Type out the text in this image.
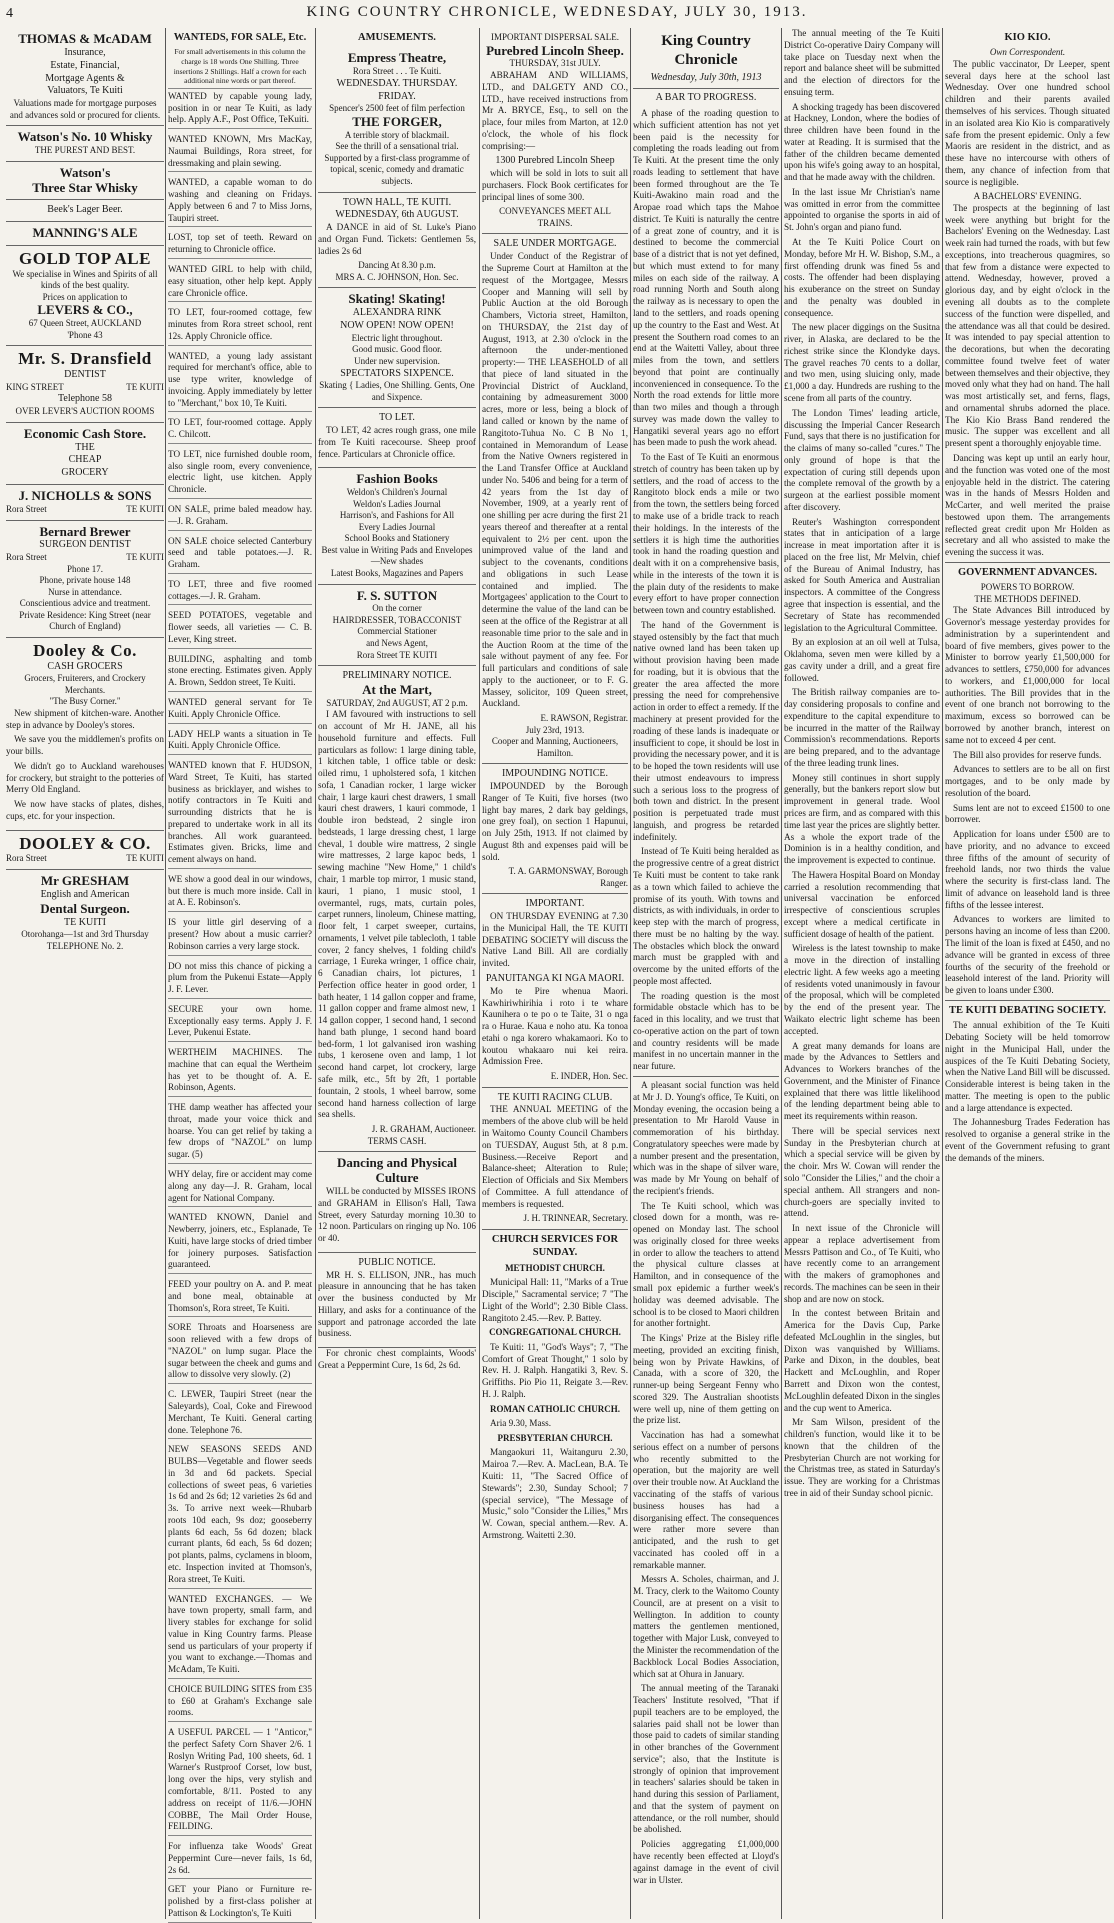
4	KING COUNTRY CHRONICLE, WEDNESDAY, JULY 30, 1913.
THOMAS & McADAM
Insurance,
Estate, Financial,
Mortgage Agents &
Valuators, Te Kuiti
Valuations made for mortgage purposes and advances sold or procured for clients.
Watson's No. 10 Whisky
THE PUREST AND BEST.
Watson's
Three Star Whisky
Beek's Lager Beer.
MANNING'S ALE
GOLD TOP ALE
We specialise in Wines and Spirits of all kinds of the best quality.
Prices on application to
LEVERS & CO.,
67 Queen Street, AUCKLAND
'Phone 43
Mr. S. Dransfield
DENTIST
KING STREET	TE KUITI
Telephone 58
OVER LEVER'S AUCTION ROOMS
Economic Cash Store.
THE
CHEAP
GROCERY
J. NICHOLLS & SONS
Rora Street	TE KUITI
Bernard Brewer
SURGEON DENTIST
Rora Street	TE KUITI
Phone 17.
Phone, private house 148
Nurse in attendance.
Conscientious advice and treatment.
Private Residence: King Street (near Church of England)
Dooley & Co.
CASH GROCERS
Grocers, Fruiterers, and Crockery Merchants.
"The Busy Corner."

New shipment of kitchen-ware. Another step in advance by Dooley's stores.

We save you the middlemen's profits on your bills.

We didn't go to Auckland warehouses for crockery, but straight to the potteries of Merry Old England.

We now have stacks of plates, dishes, cups, etc. for your inspection.

DOOLEY & CO.
Rora Street	TE KUITI
Mr GRESHAM
English and American
Dental Surgeon.
TE KUITI
Otorohanga—1st and 3rd Thursday
TELEPHONE No. 2.
WANTEDS, FOR SALE, Etc.
For small advertisements in this column the charge is 18 words One Shilling. Three insertions 2 Shillings. Half a crown for each additional nine words or part thereof.

WANTED by capable young lady, position in or near Te Kuiti, as lady help. Apply A.F., Post Office, TeKuiti.

WANTED KNOWN, Mrs MacKay, Naumai Buildings, Rora street, for dressmaking and plain sewing.

WANTED, a capable woman to do washing and cleaning on Fridays. Apply between 6 and 7 to Miss Jorns, Taupiri street.

LOST, top set of teeth. Reward on returning to Chronicle office.

WANTED GIRL to help with child, easy situation, other help kept. Apply care Chronicle office.

TO LET, four-roomed cottage, few minutes from Rora street school, rent 12s. Apply Chronicle office.

WANTED, a young lady assistant required for merchant's office, able to use type writer, knowledge of invoicing. Apply immediately by letter to "Merchant," box 10, Te Kuiti.

TO LET, four-roomed cottage. Apply C. Chilcott.

TO LET, nice furnished double room, also single room, every convenience, electric light, use kitchen. Apply Chronicle.

ON SALE, prime baled meadow hay. —J. R. Graham.

ON SALE choice selected Canterbury seed and table potatoes.—J. R. Graham.

TO LET, three and five roomed cottages.—J. R. Graham.

SEED POTATOES, vegetable and flower seeds, all varieties — C. B. Lever, King street.

BUILDING, asphalting and tomb stone erecting. Estimates given. Apply A. Brown, Seddon street, Te Kuiti.

WANTED general servant for Te Kuiti. Apply Chronicle Office.

LADY HELP wants a situation in Te Kuiti. Apply Chronicle Office.

WANTED known that F. HUDSON, Ward Street, Te Kuiti, has started business as bricklayer, and wishes to notify contractors in Te Kuiti and surrounding districts that he is prepared to undertake work in all its branches. All work guaranteed. Estimates given. Bricks, lime and cement always on hand.

WE show a good deal in our windows, but there is much more inside. Call in at A. E. Robinson's.

IS your little girl deserving of a present? How about a music carrier? Robinson carries a very large stock.

DO not miss this chance of picking a plum from the Pukenui Estate—Apply J. F. Lever.

SECURE your own home. Exceptionally easy terms. Apply J. F. Lever, Pukenui Estate.

WERTHEIM MACHINES. The machine that can equal the Wertheim has yet to be thought of. A. E. Robinson, Agents.

THE damp weather has affected your throat, made your voice thick and hoarse. You can get relief by taking a few drops of "NAZOL" on lump sugar. (5)

WHY delay, fire or accident may come along any day—J. R. Graham, local agent for National Company.

WANTED KNOWN, Daniel and Newberry, joiners, etc., Esplanade, Te Kuiti, have large stocks of dried timber for joinery purposes. Satisfaction guaranteed.

FEED your poultry on A. and P. meat and bone meal, obtainable at Thomson's, Rora street, Te Kuiti.

SORE Throats and Hoarseness are soon relieved with a few drops of "NAZOL" on lump sugar. Place the sugar between the cheek and gums and allow to dissolve very slowly. (2)

C. LEWER, Taupiri Street (near the Saleyards), Coal, Coke and Firewood Merchant, Te Kuiti. General carting done. Telephone 76.

NEW SEASONS SEEDS AND BULBS—Vegetable and flower seeds in 3d and 6d packets. Special collections of sweet peas, 6 varieties 1s 6d and 2s 6d; 12 varieties 2s 6d and 3s. To arrive next week—Rhubarb roots 10d each, 9s doz; gooseberry plants 6d each, 5s 6d dozen; black currant plants, 6d each, 5s 6d dozen; pot plants, palms, cyclamens in bloom, etc. Inspection invited at Thomson's, Rora street, Te Kuiti.

WANTED EXCHANGES. — We have town property, small farm, and livery stables for exchange for solid value in King Country farms. Please send us particulars of your property if you want to exchange.—Thomas and McAdam, Te Kuiti.

CHOICE BUILDING SITES from £35 to £60 at Graham's Exchange sale rooms.

A USEFUL PARCEL — 1 "Anticor," the perfect Safety Corn Shaver 2/6. 1 Roslyn Writing Pad, 100 sheets, 6d. 1 Warner's Rustproof Corset, low bust, long over the hips, very stylish and comfortable, 8/11. Posted to any address on receipt of 11/6.—JOHN COBBE, The Mail Order House, FEILDING.

For influenza take Woods' Great Peppermint Cure—never fails, 1s 6d, 2s 6d.

GET your Piano or Furniture re-polished by a first-class polisher at Pattison & Lockington's, Te Kuiti

AMUSEMENTS.
Empress Theatre,
Rora Street . . . Te Kuiti.
WEDNESDAY. THURSDAY. FRIDAY.
Spencer's 2500 feet of film perfection
THE FORGER,
A terrible story of blackmail.
See the thrill of a sensational trial.
Supported by a first-class programme of topical, scenic, comedy and dramatic subjects.
TOWN HALL, TE KUITI.
WEDNESDAY, 6th AUGUST.

A DANCE in aid of St. Luke's Piano and Organ Fund. Tickets: Gentlemen 5s, ladies 2s 6d

Dancing At 8.30 p.m.
MRS A. C. JOHNSON, Hon. Sec.
Skating! Skating!
ALEXANDRA RINK
NOW OPEN! NOW OPEN!
Electric light throughout.
Good music. Good floor.
Under new supervision.
SPECTATORS SIXPENCE.
Skating { Ladies, One Shilling. Gents, One and Sixpence.
TO LET.

TO LET, 42 acres rough grass, one mile from Te Kuiti racecourse. Sheep proof fence. Particulars at Chronicle office.

Fashion Books
Weldon's Children's Journal
Weldon's Ladies Journal
Harrison's, and Fashions for All
Every Ladies Journal
School Books and Stationery
Best value in Writing Pads and Envelopes—New shades
Latest Books, Magazines and Papers
F. S. SUTTON
On the corner
HAIRDRESSER, TOBACCONIST
Commercial Stationer
and News Agent,
Rora Street TE KUITI
PRELIMINARY NOTICE.
At the Mart,
SATURDAY, 2nd AUGUST, AT 2 p.m.

I AM favoured with instructions to sell on account of Mr H. JANE, all his household furniture and effects. Full particulars as follow: 1 large dining table, 1 kitchen table, 1 office table or desk: oiled rimu, 1 upholstered sofa, 1 kitchen sofa, 1 Canadian rocker, 1 large wicker chair, 1 large kauri chest drawers, 1 small kauri chest drawers, 1 kauri commode, 1 double iron bedstead, 2 single iron bedsteads, 1 large dressing chest, 1 large cheval, 1 double wire mattress, 2 single wire mattresses, 2 large kapoc beds, 1 sewing machine "New Home," 1 child's chair, 1 marble top mirror, 1 music stand, kauri, 1 piano, 1 music stool, 1 overmantel, rugs, mats, curtain poles, carpet runners, linoleum, Chinese matting, floor felt, 1 carpet sweeper, curtains, ornaments, 1 velvet pile tablecloth, 1 table cover, 2 fancy shelves, 1 folding child's carriage, 1 Eureka wringer, 1 office chair, 6 Canadian chairs, lot pictures, 1 Perfection office heater in good order, 1 bath heater, 1 14 gallon copper and frame, 11 gallon copper and frame almost new, 1 14 gallon copper, 1 second hand, 1 second hand bath plunge, 1 second hand board bed-form, 1 lot galvanised iron washing tubs, 1 kerosene oven and lamp, 1 lot second hand carpet, lot crockery, large safe milk, etc., 5ft by 2ft, 1 portable fountain, 2 stools, 1 wheel barrow, some second hand harness collection of large sea shells.

J. R. GRAHAM, Auctioneer.
TERMS CASH.
Dancing and Physical Culture

WILL be conducted by MISSES IRONS and GRAHAM in Ellison's Hall, Tawa Street, every Saturday morning 10.30 to 12 noon. Particulars on ringing up No. 106 or 40.

PUBLIC NOTICE.

MR H. S. ELLISON, JNR., has much pleasure in announcing that he has taken over the business conducted by Mr Hillary, and asks for a continuance of the support and patronage accorded the late business.

For chronic chest complaints, Woods' Great a Peppermint Cure, 1s 6d, 2s 6d.

IMPORTANT DISPERSAL SALE.
Purebred Lincoln Sheep.
THURSDAY, 31st JULY.

ABRAHAM AND WILLIAMS, LTD., and DALGETY AND CO., LTD., have received instructions from Mr A. BRYCE, Esq., to sell on the place, four miles from Marton, at 12.0 o'clock, the whole of his flock comprising:—

1300 Purebred Lincoln Sheep

which will be sold in lots to suit all purchasers. Flock Book certificates for principal lines of some 300.

CONVEYANCES MEET ALL TRAINS.
SALE UNDER MORTGAGE.

Under Conduct of the Registrar of the Supreme Court at Hamilton at the request of the Mortgagee, Messrs Cooper and Manning will sell by Public Auction at the old Borough Chambers, Victoria street, Hamilton, on THURSDAY, the 21st day of August, 1913, at 2.30 o'clock in the afternoon the under-mentioned property:— THE LEASEHOLD of all that piece of land situated in the Provincial District of Auckland, containing by admeasurement 3000 acres, more or less, being a block of land called or known by the name of Rangitoto-Tuhua No. C B No 1, contained in Memorandum of Lease from the Native Owners registered in the Land Transfer Office at Auckland under No. 5406 and being for a term of 42 years from the 1st day of November, 1909, at a yearly rent of one shilling per acre during the first 21 years thereof and thereafter at a rental equivalent to 2½ per cent. upon the unimproved value of the land and subject to the covenants, conditions and obligations in such Lease contained and implied. The Mortgagees' application to the Court to determine the value of the land can be seen at the office of the Registrar at all reasonable time prior to the sale and in the Auction Room at the time of the sale without payment of any fee. For full particulars and conditions of sale apply to the auctioneer, or to F. G. Massey, solicitor, 109 Queen street, Auckland.

E. RAWSON, Registrar.
July 23rd, 1913.
Cooper and Manning, Auctioneers, Hamilton.
IMPOUNDING NOTICE.

IMPOUNDED by the Borough Ranger of Te Kuiti, five horses (two light bay mares, 2 dark bay geldings, one grey foal), on section 1 Hapunui, on July 25th, 1913. If not claimed by August 8th and expenses paid will be sold.

T. A. GARMONSWAY, Borough Ranger.
IMPORTANT.

ON THURSDAY EVENING at 7.30 in the Municipal Hall, the TE KUITI DEBATING SOCIETY will discuss the Native Land Bill. All are cordially invited.

PANUITANGA KI NGA MAORI.

Mo te Pire whenua Maori. Kawhiriwhirihia i roto i te whare Kaunihera o te po o te Taite, 31 o nga ra o Hurae. Kaua e noho atu. Ka tonoa etahi o nga korero whakamaori. Ko to koutou whakaaro nui kei reira. Admission Free.

E. INDER, Hon. Sec.
TE KUITI RACING CLUB.

THE ANNUAL MEETING of the members of the above club will be held in Waitomo County Council Chambers on TUESDAY, August 5th, at 8 p.m. Business.—Receive Report and Balance-sheet; Alteration to Rule; Election of Officials and Six Members of Committee. A full attendance of members is requested.

J. H. TRINNEAR, Secretary.
CHURCH SERVICES FOR SUNDAY.
METHODIST CHURCH.

Municipal Hall: 11, "Marks of a True Disciple," Sacramental service; 7 "The Light of the World"; 2.30 Bible Class. Rangitoto 2.45.—Rev. P. Battey.

CONGREGATIONAL CHURCH.

Te Kuiti: 11, "God's Ways"; 7, "The Comfort of Great Thought," 1 solo by Rev. H. J. Ralph. Hangatiki 3, Rev. S. Griffiths. Pio Pio 11, Reigate 3.—Rev. H. J. Ralph.

ROMAN CATHOLIC CHURCH.

Aria 9.30, Mass.

PRESBYTERIAN CHURCH.

Mangaokuri 11, Waitanguru 2.30, Mairoa 7.—Rev. A. MacLean, B.A. Te Kuiti: 11, "The Sacred Office of Stewards"; 2.30, Sunday School; 7 (special service), "The Message of Music," solo "Consider the Lilies," Mrs W. Cowan, special anthem.—Rev. A. Armstrong. Waitetti 2.30.

King Country Chronicle
Wednesday, July 30th, 1913
A BAR TO PROGRESS.

A phase of the roading question to which sufficient attention has not yet been paid is the necessity for completing the roads leading out from Te Kuiti. At the present time the only roads leading to settlement that have been formed throughout are the Te Kuiti-Awakino main road and the Aropae road which taps the Mahoe district. Te Kuiti is naturally the centre of a great zone of country, and it is destined to become the commercial base of a district that is not yet defined, but which must extend to for many miles on each side of the railway. A road running North and South along the railway as is necessary to open the land to the settlers, and roads opening up the country to the East and West. At present the Southern road comes to an end at the Waitetti Valley, about three miles from the town, and settlers beyond that point are continually inconvenienced in consequence. To the North the road extends for little more than two miles and though a through survey was made down the valley to Hangatiki several years ago no effort has been made to push the work ahead.

To the East of Te Kuiti an enormous stretch of country has been taken up by settlers, and the road of access to the Rangitoto block ends a mile or two from the town, the settlers being forced to make use of a bridle track to reach their holdings. In the interests of the settlers it is high time the authorities took in hand the roading question and dealt with it on a comprehensive basis, while in the interests of the town it is the plain duty of the residents to make every effort to have proper connection between town and country established.

The hand of the Government is stayed ostensibly by the fact that much native owned land has been taken up without provision having been made for roading, but it is obvious that the greater the area affected the more pressing the need for comprehensive action in order to effect a remedy. If the machinery at present provided for the roading of these lands is inadequate or insufficient to cope, it should be lost in providing the necessary power, and it is to be hoped the town residents will use their utmost endeavours to impress such a serious loss to the progress of both town and district. In the present position is perpetuated trade must languish, and progress be retarded indefinitely.

Instead of Te Kuiti being heralded as the progressive centre of a great district Te Kuiti must be content to take rank as a town which failed to achieve the promise of its youth. With towns and districts, as with individuals, in order to keep step with the march of progress, there must be no halting by the way. The obstacles which block the onward march must be grappled with and overcome by the united efforts of the people most affected.

The roading question is the most formidable obstacle which has to be faced in this locality, and we trust that co-operative action on the part of town and country residents will be made manifest in no uncertain manner in the near future.

A pleasant social function was held at Mr J. D. Young's office, Te Kuiti, on Monday evening, the occasion being a presentation to Mr Harold Vause in commemoration of his birthday. Congratulatory speeches were made by a number present and the presentation, which was in the shape of silver ware, was made by Mr Young on behalf of the recipient's friends.

The Te Kuiti school, which was closed down for a month, was re-opened on Monday last. The school was originally closed for three weeks in order to allow the teachers to attend the physical culture classes at Hamilton, and in consequence of the small pox epidemic a further week's holiday was deemed advisable. The school is to be closed to Maori children for another fortnight.

The Kings' Prize at the Bisley rifle meeting, provided an exciting finish, being won by Private Hawkins, of Canada, with a score of 320, the runner-up being Sergeant Fenny who scored 329. The Australian shootists were well up, nine of them getting on the prize list.

Vaccination has had a somewhat serious effect on a number of persons who recently submitted to the operation, but the majority are well over their trouble now. At Auckland the vaccinating of the staffs of various business houses has had a disorganising effect. The consequences were rather more severe than anticipated, and the rush to get vaccinated has cooled off in a remarkable manner.

Messrs A. Scholes, chairman, and J. M. Tracy, clerk to the Waitomo County Council, are at present on a visit to Wellington. In addition to county matters the gentlemen mentioned, together with Major Lusk, conveyed to the Minister the recommendation of the Backblock Local Bodies Association, which sat at Ohura in January.

The annual meeting of the Taranaki Teachers' Institute resolved, "That if pupil teachers are to be employed, the salaries paid shall not be lower than those paid to cadets of similar standing in other branches of the Government service"; also, that the Institute is strongly of opinion that improvement in teachers' salaries should be taken in hand during this session of Parliament, and that the system of payment on attendance, or the roll number, should be abolished.

Policies aggregating £1,000,000 have recently been effected at Lloyd's against damage in the event of civil war in Ulster.

The annual meeting of the Te Kuiti District Co-operative Dairy Company will take place on Tuesday next when the report and balance sheet will be submitted and the election of directors for the ensuing term.

A shocking tragedy has been discovered at Hackney, London, where the bodies of three children have been found in the water at Reading. It is surmised that the father of the children became demented upon his wife's going away to an hospital, and that he made away with the children.

In the last issue Mr Christian's name was omitted in error from the committee appointed to organise the sports in aid of St. John's organ and piano fund.

At the Te Kuiti Police Court on Monday, before Mr H. W. Bishop, S.M., a first offending drunk was fined 5s and costs. The offender had been displaying his exuberance on the street on Sunday and the penalty was doubled in consequence.

The new placer diggings on the Susitna river, in Alaska, are declared to be the richest strike since the Klondyke days. The gravel reaches 70 cents to a dollar, and two men, using sluicing only, made £1,000 a day. Hundreds are rushing to the scene from all parts of the country.

The London Times' leading article, discussing the Imperial Cancer Research Fund, says that there is no justification for the claims of many so-called "cures." The only ground of hope is that the expectation of curing still depends upon the complete removal of the growth by a surgeon at the earliest possible moment after discovery.

Reuter's Washington correspondent states that in anticipation of a large increase in meat importation after it is placed on the free list, Mr Melvin, chief of the Bureau of Animal Industry, has asked for South America and Australian inspectors. A committee of the Congress agree that inspection is essential, and the Secretary of State has recommended legislation to the Agricultural Committee.

By an explosion at an oil well at Tulsa, Oklahoma, seven men were killed by a gas cavity under a drill, and a great fire followed.

The British railway companies are to-day considering proposals to confine and expenditure to the capital expenditure to be incurred in the matter of the Railway Commission's recommendations. Reports are being prepared, and to the advantage of the three leading trunk lines.

Money still continues in short supply generally, but the bankers report slow but improvement in general trade. Wool prices are firm, and as compared with this time last year the prices are slightly better. As a whole the export trade of the Dominion is in a healthy condition, and the improvement is expected to continue.

The Hawera Hospital Board on Monday carried a resolution recommending that universal vaccination be enforced irrespective of conscientious scruples except where a medical certificate in sufficient dosage of health of the patient.

Wireless is the latest township to make a move in the direction of installing electric light. A few weeks ago a meeting of residents voted unanimously in favour of the proposal, which will be completed by the end of the present year. The Waikato electric light scheme has been accepted.

A great many demands for loans are made by the Advances to Settlers and Advances to Workers branches of the Government, and the Minister of Finance explained that there was little likelihood of the lending department being able to meet its requirements within reason.

There will be special services next Sunday in the Presbyterian church at which a special service will be given by the choir. Mrs W. Cowan will render the solo "Consider the Lilies," and the choir a special anthem. All strangers and non-church-goers are specially invited to attend.

In next issue of the Chronicle will appear a replace advertisement from Messrs Pattison and Co., of Te Kuiti, who have recently come to an arrangement with the makers of gramophones and records. The machines can be seen in their shop and are now on stock.

In the contest between Britain and America for the Davis Cup, Parke defeated McLoughlin in the singles, but Dixon was vanquished by Williams. Parke and Dixon, in the doubles, beat Hackett and McLoughlin, and Roper Barrett and Dixon won the contest, McLoughlin defeated Dixon in the singles and the cup went to America.

Mr Sam Wilson, president of the children's function, would like it to be known that the children of the Presbyterian Church are not working for the Christmas tree, as stated in Saturday's issue. They are working for a Christmas tree in aid of their Sunday school picnic.

KIO KIO.
Own Correspondent.

The public vaccinator, Dr Leeper, spent several days here at the school last Wednesday. Over one hundred school children and their parents availed themselves of his services. Though situated in an isolated area Kio Kio is comparatively safe from the present epidemic. Only a few Maoris are resident in the district, and as these have no intercourse with others of them, any chance of infection from that source is negligible.

A BACHELORS' EVENING.

The prospects at the beginning of last week were anything but bright for the Bachelors' Evening on the Wednesday. Last week rain had turned the roads, with but few exceptions, into treacherous quagmires, so that few from a distance were expected to attend. Wednesday, however, proved a glorious day, and by eight o'clock in the evening all doubts as to the complete success of the function were dispelled, and the attendance was all that could be desired. It was intended to pay special attention to the decorations, but when the decorating committee found twelve feet of water between themselves and their objective, they moved only what they had on hand. The hall was most artistically set, and ferns, flags, and ornamental shrubs adorned the place. The Kio Kio Brass Band rendered the music. The supper was excellent and all present spent a thoroughly enjoyable time.

Dancing was kept up until an early hour, and the function was voted one of the most enjoyable held in the district. The catering was in the hands of Messrs Holden and McCarter, and well merited the praise bestowed upon them. The arrangements reflected great credit upon Mr Holden as secretary and all who assisted to make the evening the success it was.

GOVERNMENT ADVANCES.
POWERS TO BORROW.
THE METHODS DEFINED.

The State Advances Bill introduced by Governor's message yesterday provides for administration by a superintendent and board of five members, gives power to the Minister to borrow yearly £1,500,000 for advances to settlers, £750,000 for advances to workers, and £1,000,000 for local authorities. The Bill provides that in the event of one branch not borrowing to the maximum, excess so borrowed can be borrowed by another branch, interest on same not to exceed 4 per cent.

The Bill also provides for reserve funds.

Advances to settlers are to be all on first mortgages, and to be only made by resolution of the board.

Sums lent are not to exceed £1500 to one borrower.

Application for loans under £500 are to have priority, and no advance to exceed three fifths of the amount of security of freehold lands, nor two thirds the value where the security is first-class land. The limit of advance on leasehold land is three fifths of the lessee interest.

Advances to workers are limited to persons having an income of less than £200. The limit of the loan is fixed at £450, and no advance will be granted in excess of three fourths of the security of the freehold or leasehold interest of the land. Priority will be given to loans under £300.

TE KUITI DEBATING SOCIETY.

The annual exhibition of the Te Kuiti Debating Society will be held tomorrow night in the Municipal Hall, under the auspices of the Te Kuiti Debating Society, when the Native Land Bill will be discussed. Considerable interest is being taken in the matter. The meeting is open to the public and a large attendance is expected.

The Johannesburg Trades Federation has resolved to organise a general strike in the event of the Government refusing to grant the demands of the miners.
